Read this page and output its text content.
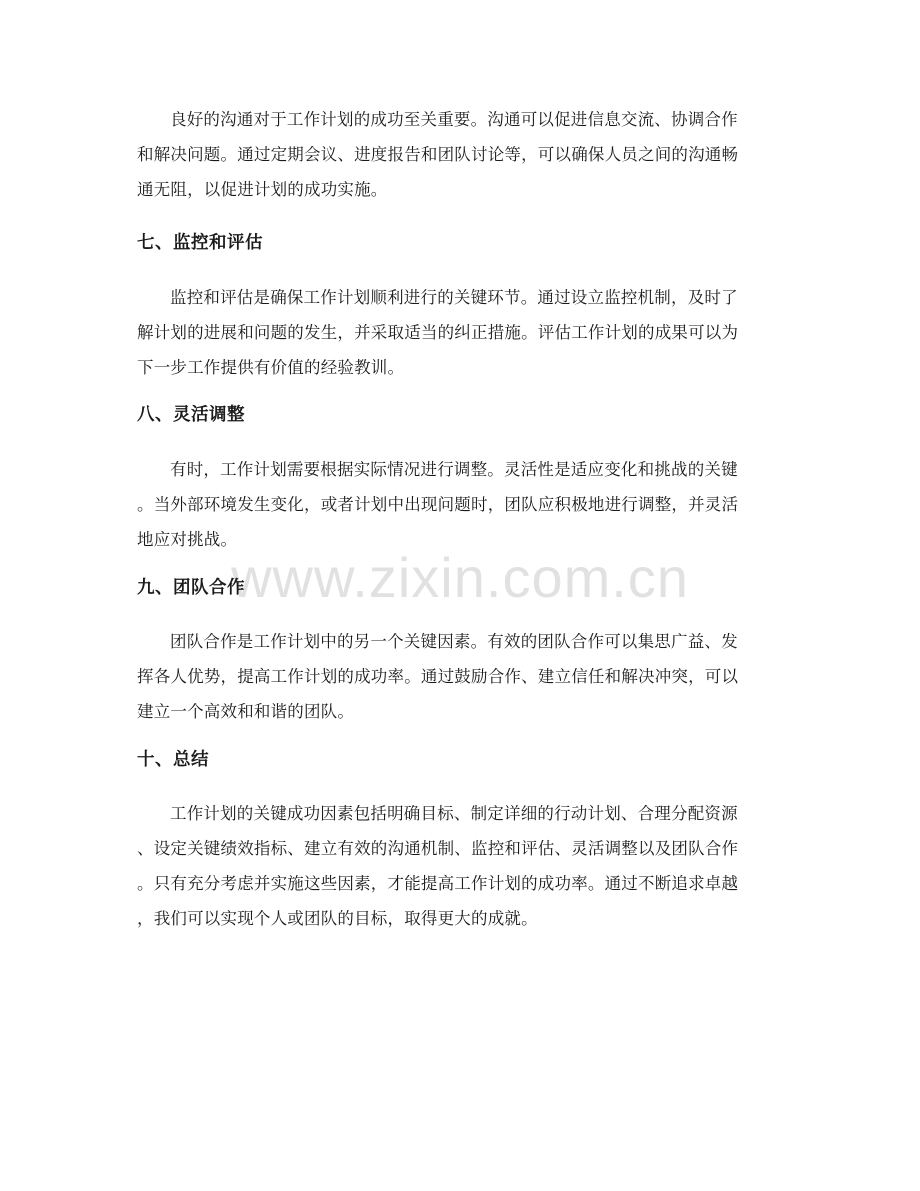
www.zixin.com.cn

良好的沟通对于工作计划的成功至关重要。沟通可以促进信息交流、协调合作
和解决问题。通过定期会议、进度报告和团队讨论等，可以确保人员之间的沟通畅
通无阻，以促进计划的成功实施。

七、监控和评估

监控和评估是确保工作计划顺利进行的关键环节。通过设立监控机制，及时了
解计划的进展和问题的发生，并采取适当的纠正措施。评估工作计划的成果可以为
下一步工作提供有价值的经验教训。

八、灵活调整

有时，工作计划需要根据实际情况进行调整。灵活性是适应变化和挑战的关键
。当外部环境发生变化，或者计划中出现问题时，团队应积极地进行调整，并灵活
地应对挑战。

九、团队合作

团队合作是工作计划中的另一个关键因素。有效的团队合作可以集思广益、发
挥各人优势，提高工作计划的成功率。通过鼓励合作、建立信任和解决冲突，可以
建立一个高效和和谐的团队。

十、总结

工作计划的关键成功因素包括明确目标、制定详细的行动计划、合理分配资源
、设定关键绩效指标、建立有效的沟通机制、监控和评估、灵活调整以及团队合作
。只有充分考虑并实施这些因素，才能提高工作计划的成功率。通过不断追求卓越
，我们可以实现个人或团队的目标，取得更大的成就。
